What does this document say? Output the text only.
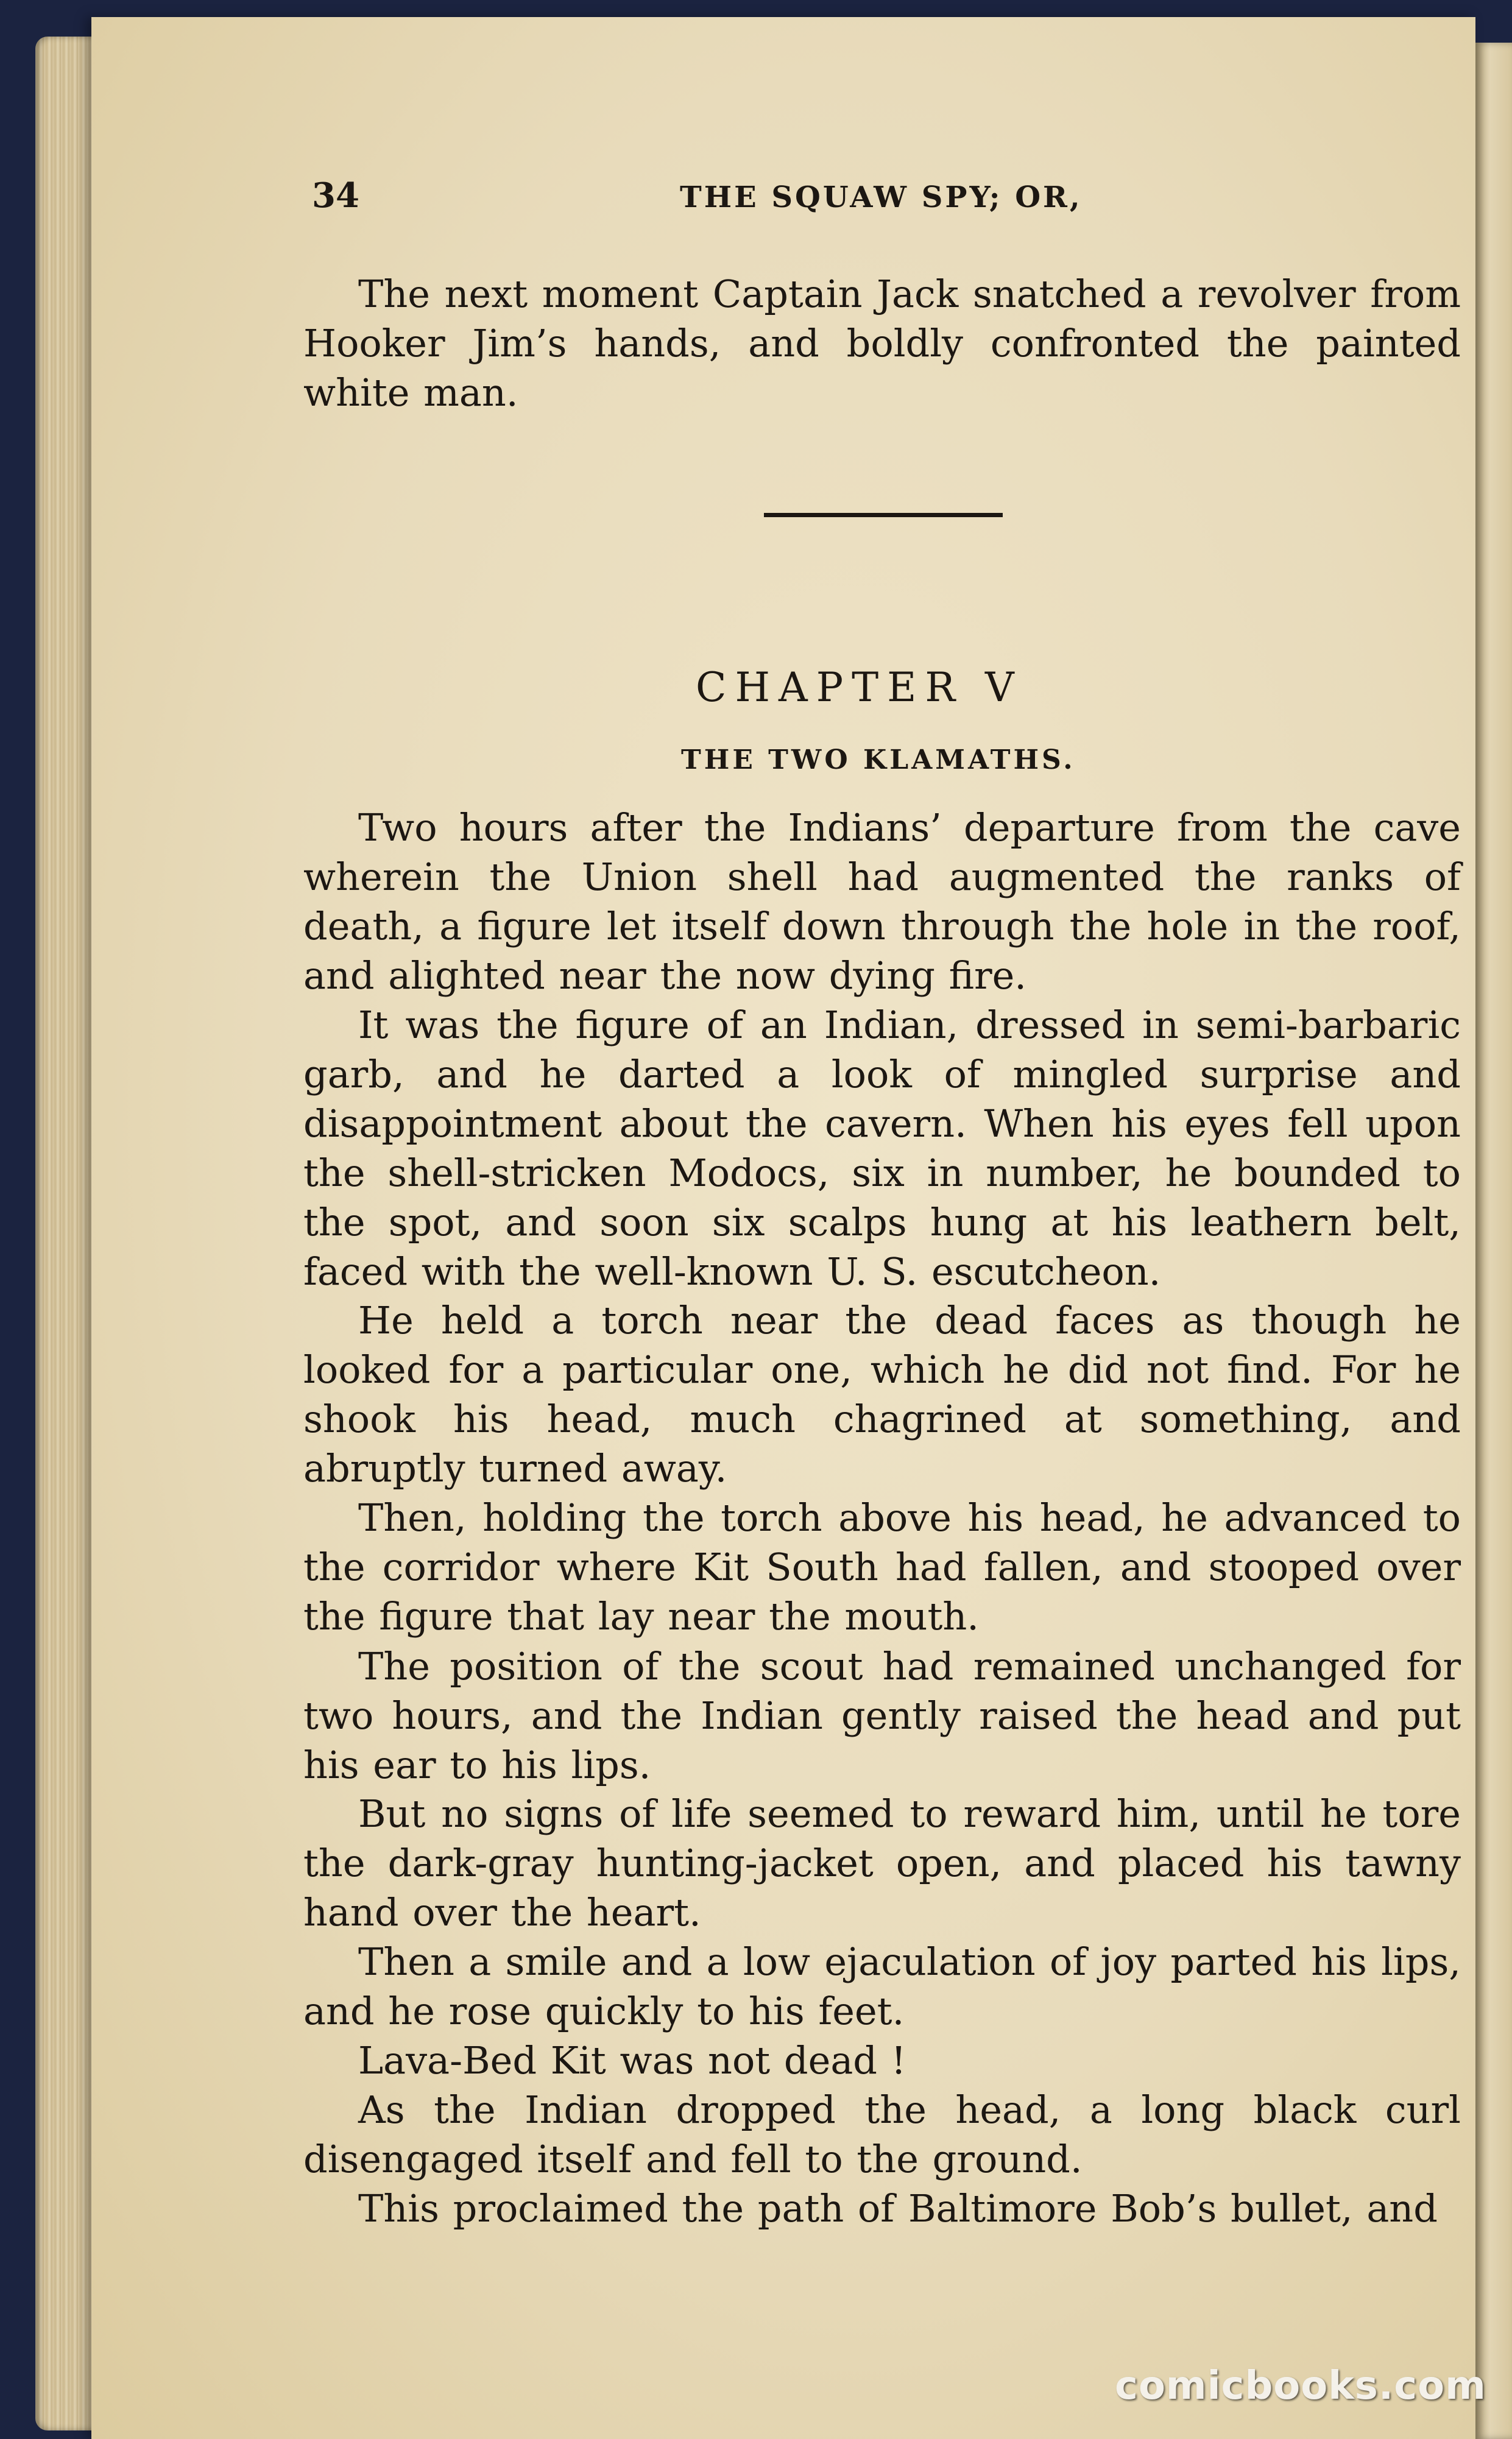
34	THE SQUAW SPY; OR,

The next moment Captain Jack snatched a revolver from Hooker Jim’s hands, and boldly confronted the painted white man.

CHAPTER V
THE TWO KLAMATHS.

Two hours after the Indians’ departure from the cave wherein the Union shell had augmented the ranks of death, a figure let itself down through the hole in the roof, and alighted near the now dying fire.

It was the figure of an Indian, dressed in semi-barbaric garb, and he darted a look of mingled surprise and disappointment about the cavern. When his eyes fell upon the shell-stricken Modocs, six in number, he bounded to the spot, and soon six scalps hung at his leathern belt, faced with the well-known U. S. escutcheon.

He held a torch near the dead faces as though he looked for a particular one, which he did not find. For he shook his head, much chagrined at something, and abruptly turned away.

Then, holding the torch above his head, he advanced to the corridor where Kit South had fallen, and stooped over the figure that lay near the mouth.

The position of the scout had remained unchanged for two hours, and the Indian gently raised the head and put his ear to his lips.

But no signs of life seemed to reward him, until he tore the dark-gray hunting-jacket open, and placed his tawny hand over the heart.

Then a smile and a low ejaculation of joy parted his lips, and he rose quickly to his feet.

Lava-Bed Kit was not dead !

As the Indian dropped the head, a long black curl disengaged itself and fell to the ground.

This proclaimed the path of Baltimore Bob’s bullet, and

comicbooks.com
